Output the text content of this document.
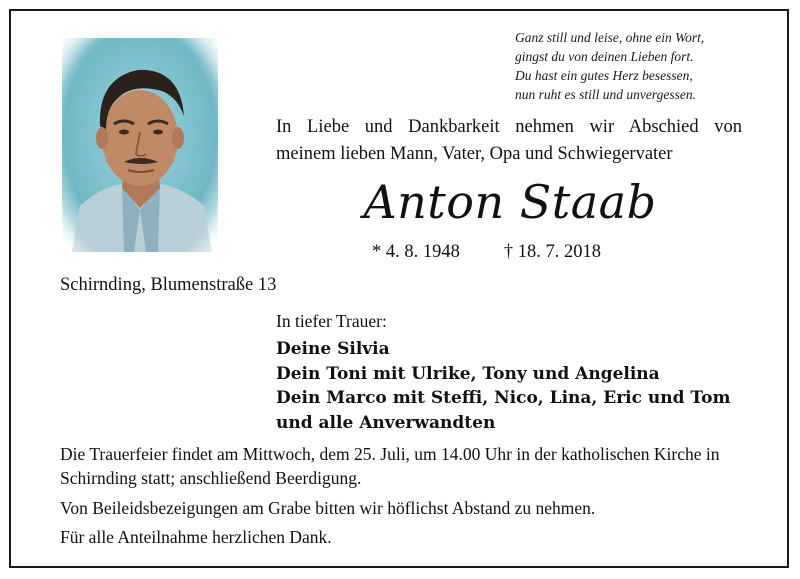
Ganz still und leise, ohne ein Wort,
gingst du von deinen Lieben fort.
Du hast ein gutes Herz besessen,
nun ruht es still und unvergessen.
In Liebe und Dankbarkeit nehmen wir Abschied von
meinem lieben Mann, Vater, Opa und Schwiegervater
Anton Staab
* 4. 8. 1948 † 18. 7. 2018
Schirnding, Blumenstraße 13
In tiefer Trauer:
Deine Silvia
Dein Toni mit Ulrike, Tony und Angelina
Dein Marco mit Steffi, Nico, Lina, Eric und Tom
und alle Anverwandten
Die Trauerfeier findet am Mittwoch, dem 25. Juli, um 14.00 Uhr in der katholischen Kirche in Schirnding statt; anschließend Beerdigung.
Von Beileidsbezeigungen am Grabe bitten wir höflichst Abstand zu nehmen.
Für alle Anteilnahme herzlichen Dank.
